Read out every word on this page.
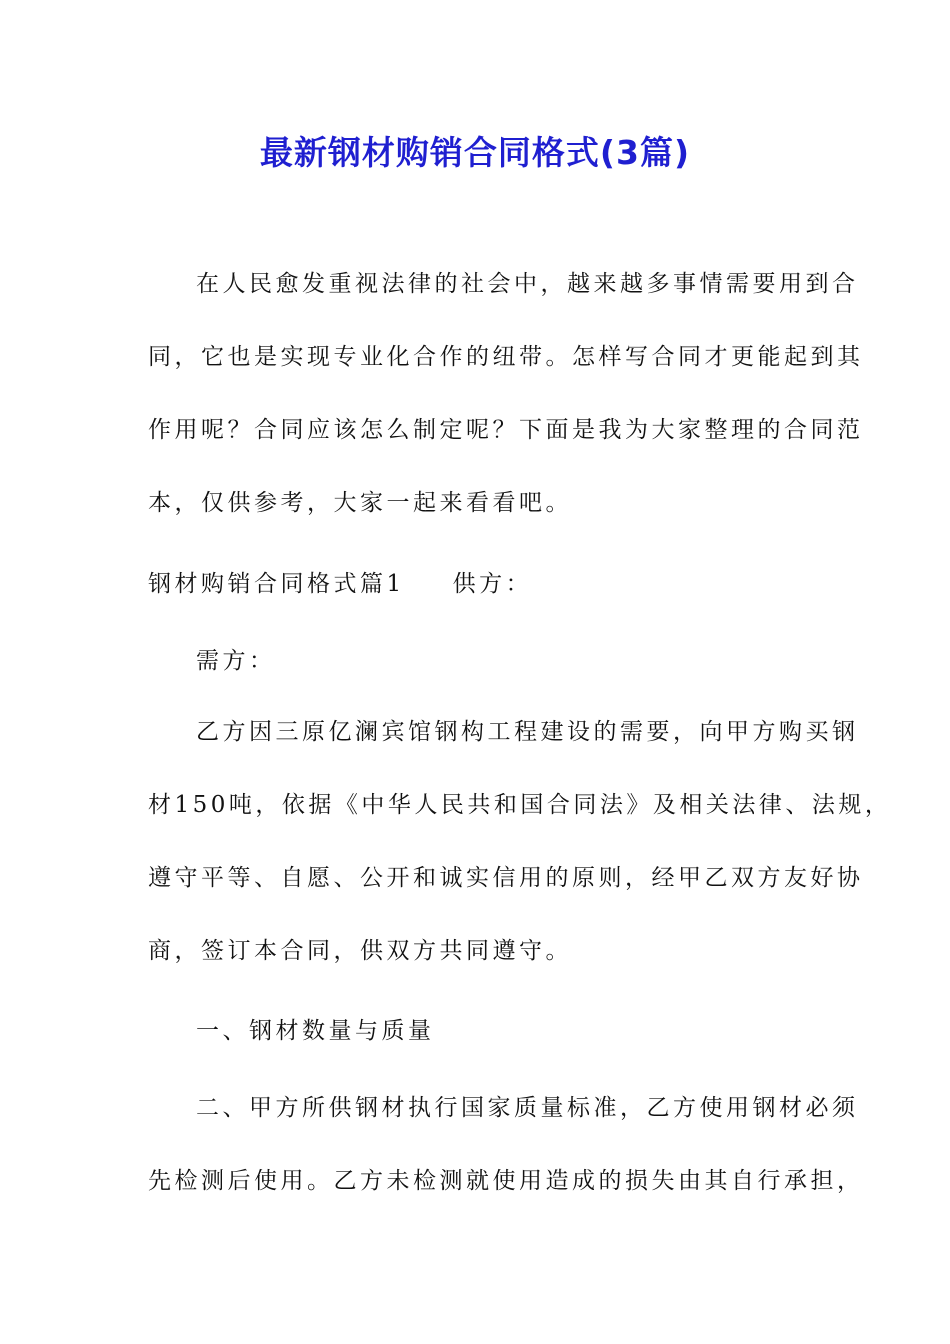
最新钢材购销合同格式(3篇)
在人民愈发重视法律的社会中，越来越多事情需要用到合
同，它也是实现专业化合作的纽带。怎样写合同才更能起到其
作用呢？合同应该怎么制定呢？下面是我为大家整理的合同范
本，仅供参考，大家一起来看看吧。
钢材购销合同格式篇1 供方：
需方：
乙方因三原亿澜宾馆钢构工程建设的需要，向甲方购买钢
材150吨，依据《中华人民共和国合同法》及相关法律、法规，
遵守平等、自愿、公开和诚实信用的原则，经甲乙双方友好协
商，签订本合同，供双方共同遵守。
一、钢材数量与质量
二、甲方所供钢材执行国家质量标准，乙方使用钢材必须
先检测后使用。乙方未检测就使用造成的损失由其自行承担，
